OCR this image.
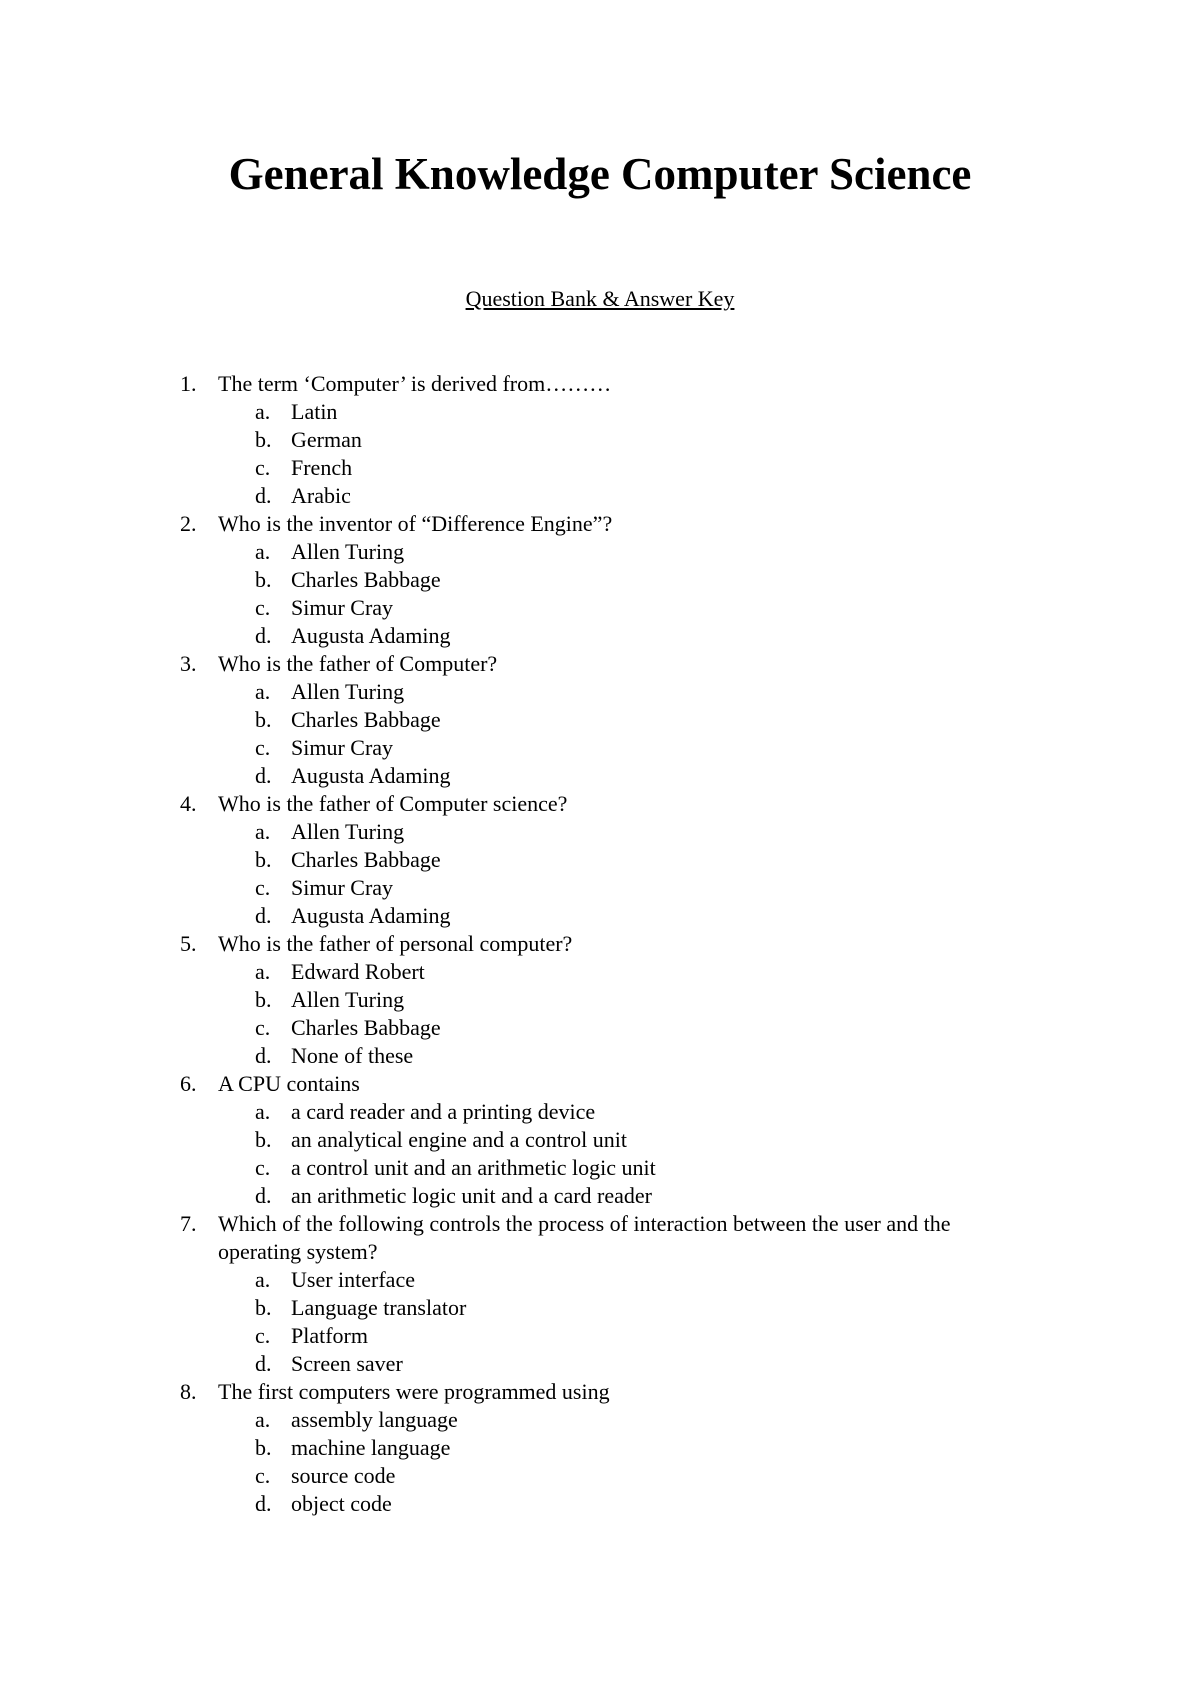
General Knowledge Computer Science
Question Bank & Answer Key
1. The term ‘Computer’ is derived from………
a. Latin
b. German
c. French
d. Arabic
2. Who is the inventor of “Difference Engine”?
a. Allen Turing
b. Charles Babbage
c. Simur Cray
d. Augusta Adaming
3. Who is the father of Computer?
a. Allen Turing
b. Charles Babbage
c. Simur Cray
d. Augusta Adaming
4. Who is the father of Computer science?
a. Allen Turing
b. Charles Babbage
c. Simur Cray
d. Augusta Adaming
5. Who is the father of personal computer?
a. Edward Robert
b. Allen Turing
c. Charles Babbage
d. None of these
6. A CPU contains
a. a card reader and a printing device
b. an analytical engine and a control unit
c. a control unit and an arithmetic logic unit
d. an arithmetic logic unit and a card reader
7. Which of the following controls the process of interaction between the user and the operating system?
a. User interface
b. Language translator
c. Platform
d. Screen saver
8. The first computers were programmed using
a. assembly language
b. machine language
c. source code
d. object code
